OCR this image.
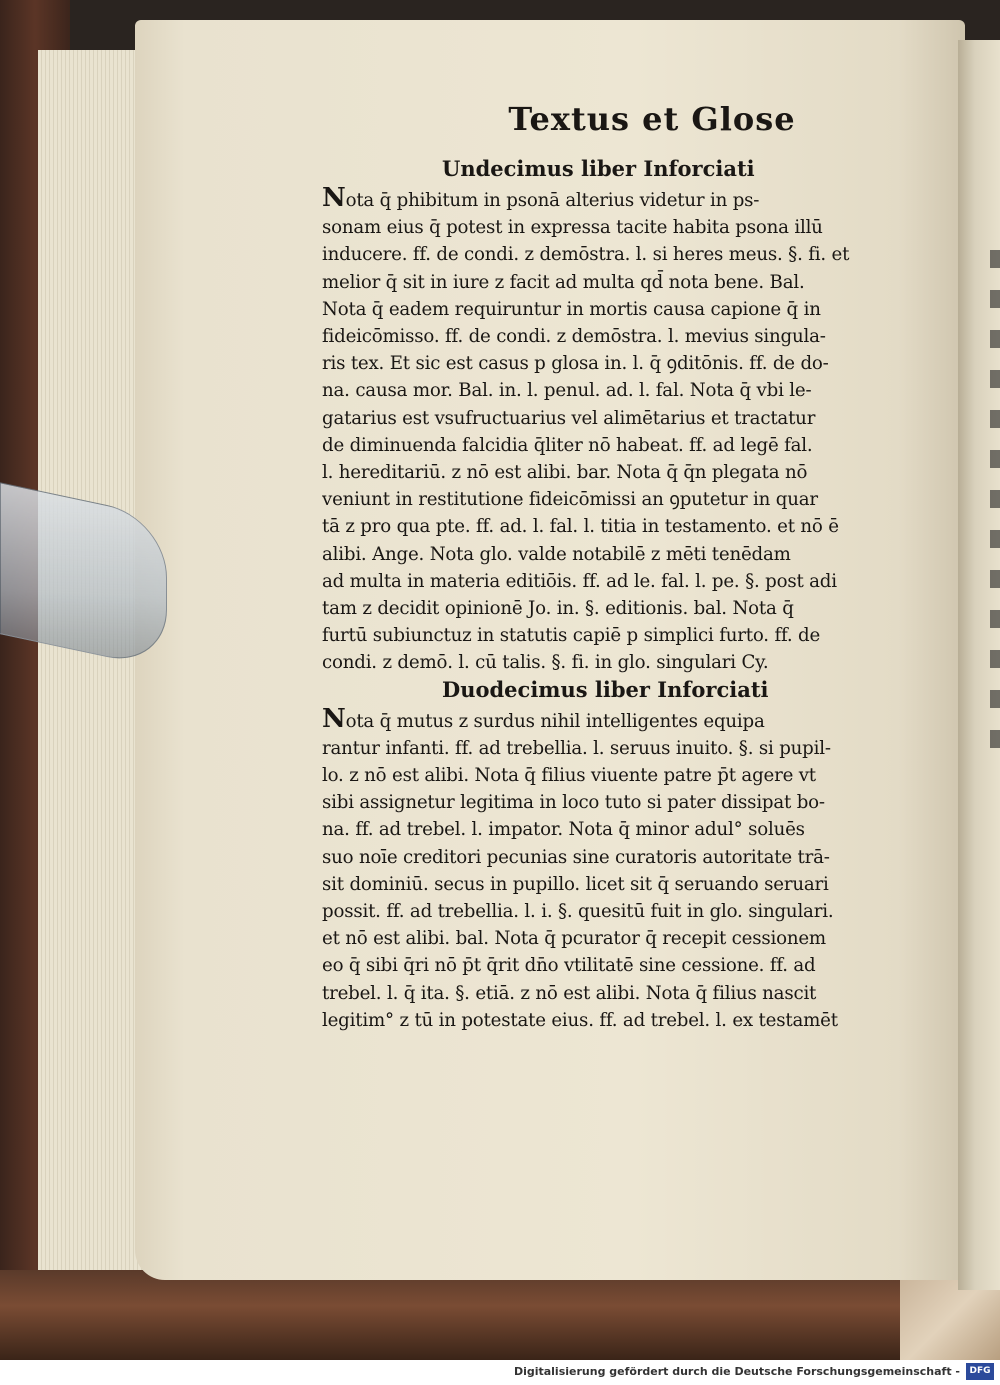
Textus et Glose
Undecimus liber Inforciati
Nota q̄ phibitum in psonā alterius videtur in ps-
sonam eius q̄ potest in expressa tacite habita psona illū
inducere. ff. de condi. z demōstra. l. si heres meus. §. fi. et
melior q̄ sit in iure z facit ad multa qd̄ nota bene. Bal.
Nota q̄ eadem requiruntur in mortis causa capione q̄ in
fideicōmisso. ff. de condi. z demōstra. l. mevius singula-
ris tex. Et sic est casus p glosa in. l. q̄ ꝯditōnis. ff. de do-
na. causa mor. Bal. in. l. penul. ad. l. fal. Nota q̄ vbi le-
gatarius est vsufructuarius vel alimētarius et tractatur
de diminuenda falcidia q̄liter nō habeat. ff. ad legē fal.
l. hereditariū. z nō est alibi. bar. Nota q̄ q̄n plegata nō
veniunt in restitutione fideicōmissi an ꝯputetur in quar
tā z pro qua pte. ff. ad. l. fal. l. titia in testamento. et nō ē
alibi. Ange. Nota glo. valde notabilē z mēti tenēdam
ad multa in materia editiōis. ff. ad le. fal. l. pe. §. post adi
tam z decidit opinionē Jo. in. §. editionis. bal. Nota q̄
furtū subiunctuz in statutis capiē p simplici furto. ff. de
condi. z demō. l. cū talis. §. fi. in glo. singulari Cy.
Duodecimus liber Inforciati
Nota q̄ mutus z surdus nihil intelligentes equipa
rantur infanti. ff. ad trebellia. l. seruus inuito. §. si pupil-
lo. z nō est alibi. Nota q̄ filius viuente patre p̄t agere vt
sibi assignetur legitima in loco tuto si pater dissipat bo-
na. ff. ad trebel. l. impator. Nota q̄ minor adul° soluēs
suo noīe creditori pecunias sine curatoris autoritate trā-
sit dominiū. secus in pupillo. licet sit q̄ seruando seruari
possit. ff. ad trebellia. l. i. §. quesitū fuit in glo. singulari.
et nō est alibi. bal. Nota q̄ pcurator q̄ recepit cessionem
eo q̄ sibi q̄ri nō p̄t q̄rit dn̄o vtilitatē sine cessione. ff. ad
trebel. l. q̄ ita. §. etiā. z nō est alibi. Nota q̄ filius nascit
legitim° z tū in potestate eius. ff. ad trebel. l. ex testamēt
Digitalisierung gefördert durch die Deutsche Forschungsgemeinschaft -	DFG
